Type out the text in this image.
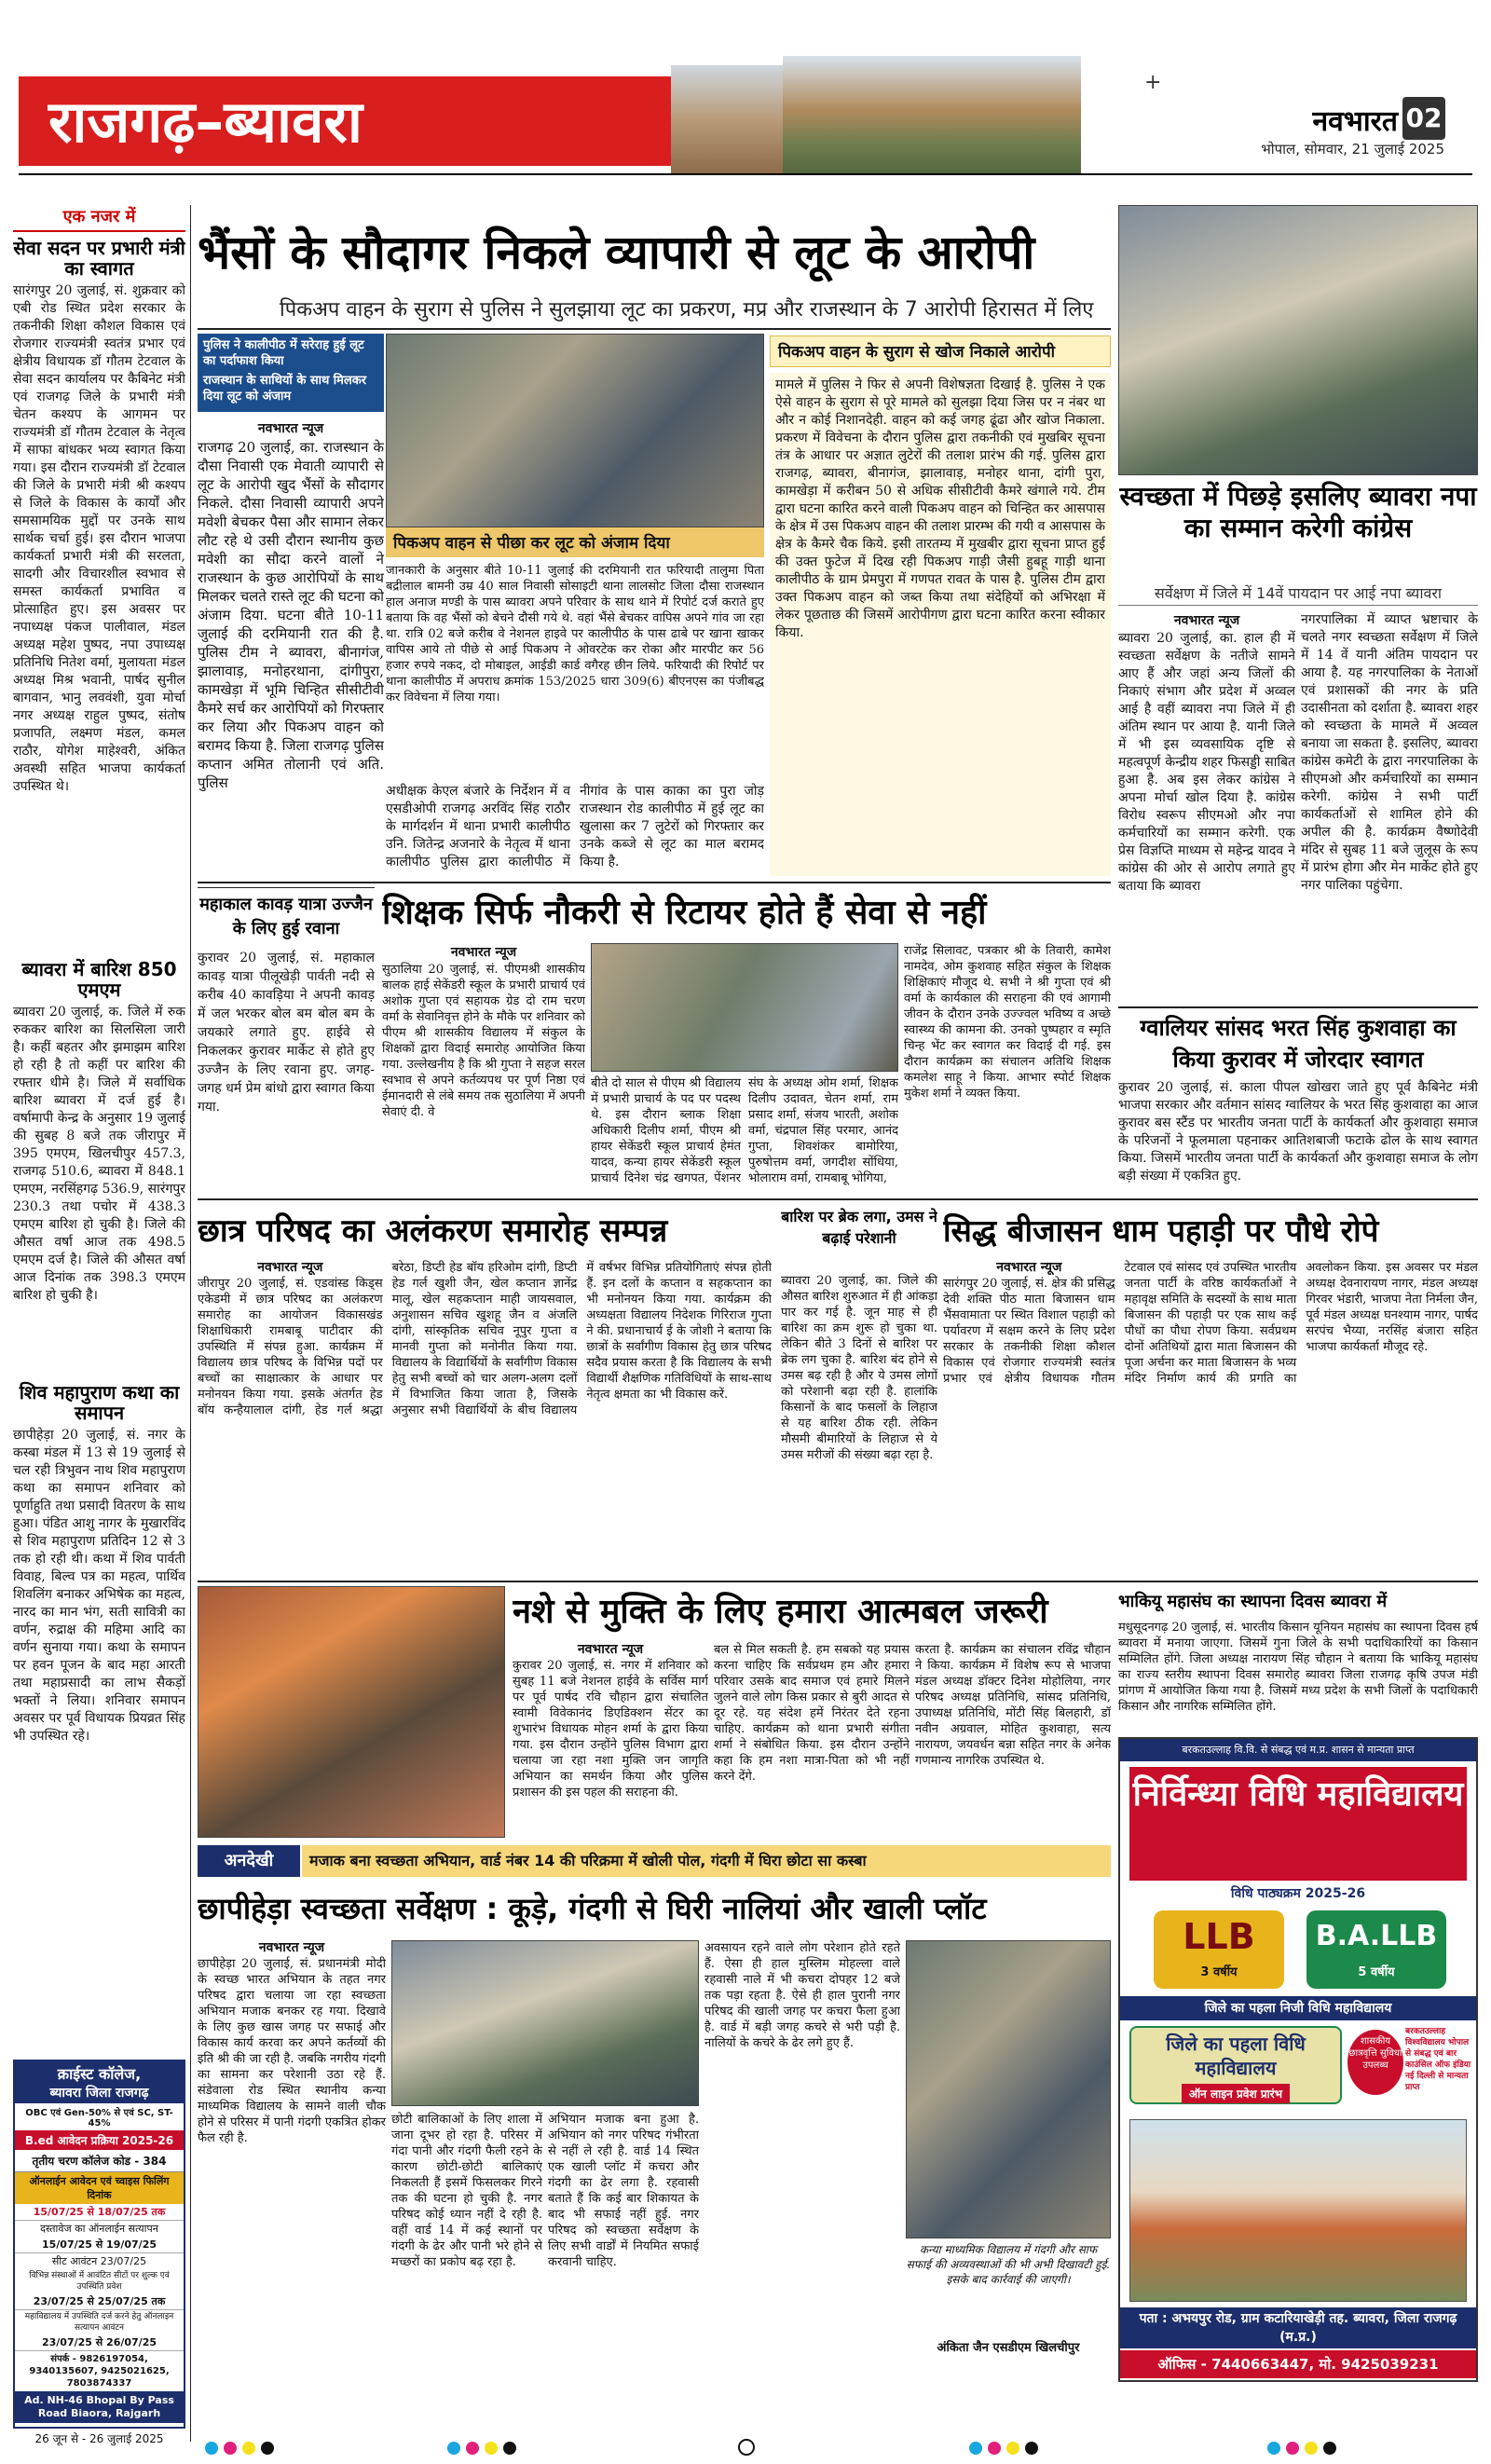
राजगढ़–ब्यावरा
+
नवभारत 02
भोपाल, सोमवार, 21 जुलाई 2025
एक नजर में
सेवा सदन पर प्रभारी मंत्री का स्वागत
सारंगपुर 20 जुलाई, सं. शुक्रवार को एबी रोड स्थित प्रदेश सरकार के तकनीकी शिक्षा कौशल विकास एवं रोजगार राज्यमंत्री स्वतंत्र प्रभार एवं क्षेत्रीय विधायक डॉ गौतम टेटवाल के सेवा सदन कार्यालय पर कैबिनेट मंत्री एवं राजगढ़ जिले के प्रभारी मंत्री चेतन कश्यप के आगमन पर राज्यमंत्री डॉ गौतम टेटवाल के नेतृत्व में साफा बांधकर भव्य स्वागत किया गया। इस दौरान राज्यमंत्री डॉ टेटवाल की जिले के प्रभारी मंत्री श्री कश्यप से जिले के विकास के कार्यों और समसामयिक मुद्दों पर उनके साथ सार्थक चर्चा हुई। इस दौरान भाजपा कार्यकर्ता प्रभारी मंत्री की सरलता, सादगी और विचारशील स्वभाव से समस्त कार्यकर्ता प्रभावित व प्रोत्साहित हुए। इस अवसर पर नपाध्यक्ष पंकज पालीवाल, मंडल अध्यक्ष महेश पुष्पद, नपा उपाध्यक्ष प्रतिनिधि नितेश वर्मा, मुलायता मंडल अध्यक्ष मिश्र भवानी, पार्षद सुनील बागवान, भानु लववंशी, युवा मोर्चा नगर अध्यक्ष राहुल पुष्पद, संतोष प्रजापति, लक्ष्मण मंडल, कमल राठौर, योगेश माहेश्वरी, अंकित अवस्थी सहित भाजपा कार्यकर्ता उपस्थित थे।
ब्यावरा में बारिश 850 एमएम
ब्यावरा 20 जुलाई, क. जिले में रुक रुककर बारिश का सिलसिला जारी है। कहीं बहतर और झमाझम बारिश हो रही है तो कहीं पर बारिश की रफ्तार धीमे है। जिले में सर्वाधिक बारिश ब्यावरा में दर्ज हुई है। वर्षामापी केन्द्र के अनुसार 19 जुलाई की सुबह 8 बजे तक जीरापुर में 395 एमएम, खिलचीपुर 457.3, राजगढ़ 510.6, ब्यावरा में 848.1 एमएम, नरसिंहगढ़ 536.9, सारंगपुर 230.3 तथा पचोर में 438.3 एमएम बारिश हो चुकी है। जिले की औसत वर्षा आज तक 498.5 एमएम दर्ज है। जिले की औसत वर्षा आज दिनांक तक 398.3 एमएम बारिश हो चुकी है।
शिव महापुराण कथा का समापन
छापीहेड़ा 20 जुलाई, सं. नगर के कस्बा मंडल में 13 से 19 जुलाई से चल रही त्रिभुवन नाथ शिव महापुराण कथा का समापन शनिवार को पूर्णाहुति तथा प्रसादी वितरण के साथ हुआ। पंडित आशु नागर के मुखारविंद से शिव महापुराण प्रतिदिन 12 से 3 तक हो रही थी। कथा में शिव पार्वती विवाह, बिल्व पत्र का महत्व, पार्थिव शिवलिंग बनाकर अभिषेक का महत्व, नारद का मान भंग, सती सावित्री का वर्णन, रुद्राक्ष की महिमा आदि का वर्णन सुनाया गया। कथा के समापन पर हवन पूजन के बाद महा आरती तथा महाप्रसादी का लाभ सैकड़ों भक्तों ने लिया। शनिवार समापन अवसर पर पूर्व विधायक प्रियव्रत सिंह भी उपस्थित रहे।
भैंसों के सौदागर निकले व्यापारी से लूट के आरोपी
पिकअप वाहन के सुराग से पुलिस ने सुलझाया लूट का प्रकरण, मप्र और राजस्थान के 7 आरोपी हिरासत में लिए
पुलिस ने कालीपीठ में सरेराह हुई लूट का पर्दाफाश किया
राजस्थान के साथियों के साथ मिलकर दिया लूट को अंजाम
पिकअप वाहन से पीछा कर लूट को अंजाम दिया
नवभारत न्यूज

राजगढ़ 20 जुलाई, का. राजस्थान के दौसा निवासी एक मेवाती व्यापारी से लूट के आरोपी खुद भैंसों के सौदागर निकले. दौसा निवासी व्यापारी अपने मवेशी बेचकर पैसा और सामान लेकर लौट रहे थे उसी दौरान स्थानीय कुछ मवेशी का सौदा करने वालों ने राजस्थान के कुछ आरोपियों के साथ मिलकर चलते रास्ते लूट की घटना को अंजाम दिया. घटना बीते 10-11 जुलाई की दरमियानी रात की है. पुलिस टीम ने ब्यावरा, बीनागंज, झालावाड़, मनोहरथाना, दांगीपुरा, कामखेड़ा में भूमि चिन्हित सीसीटीवी कैमरे सर्च कर आरोपियों को गिरफ्तार कर लिया और पिकअप वाहन को बरामद किया है. जिला राजगढ़ पुलिस कप्तान अमित तोलानी एवं अति. पुलिस

जानकारी के अनुसार बीते 10-11 जुलाई की दरमियानी रात फरियादी तालुमा पिता बद्रीलाल बामनी उम्र 40 साल निवासी सोसाइटी थाना लालसोट जिला दौसा राजस्थान हाल अनाज मण्डी के पास ब्यावरा अपने परिवार के साथ थाने में रिपोर्ट दर्ज कराते हुए बताया कि वह भैंसों को बेचने दौसी गये थे. वहां भैंसे बेचकर वापिस अपने गांव जा रहा था. रात्रि 02 बजे करीब वे नेशनल हाइवे पर कालीपीठ के पास ढाबे पर खाना खाकर वापिस आये तो पीछे से आई पिकअप ने ओवरटेक कर रोका और मारपीट कर 56 हजार रुपये नकद, दो मोबाइल, आईडी कार्ड वगैरह छीन लिये. फरियादी की रिपोर्ट पर थाना कालीपीठ में अपराध क्रमांक 153/2025 धारा 309(6) बीएनएस का पंजीबद्ध कर विवेचना में लिया गया।
अधीक्षक केएल बंजारे के निर्देशन में व एसडीओपी राजगढ़ अरविंद सिंह राठौर के मार्गदर्शन में थाना प्रभारी कालीपीठ उनि. जितेन्द्र अजनारे के नेतृत्व में थाना कालीपीठ पुलिस द्वारा कालीपीठ में नीगांव के पास काका का पुरा जोड़ राजस्थान रोड कालीपीठ में हुई लूट का खुलासा कर 7 लुटेरों को गिरफ्तार कर उनके कब्जे से लूट का माल बरामद किया है.
पिकअप वाहन के सुराग से खोज निकाले आरोपी
मामले में पुलिस ने फिर से अपनी विशेषज्ञता दिखाई है. पुलिस ने एक ऐसे वाहन के सुराग से पूरे मामले को सुलझा दिया जिस पर न नंबर था और न कोई निशानदेही. वाहन को कई जगह ढूंढा और खोज निकाला. प्रकरण में विवेचना के दौरान पुलिस द्वारा तकनीकी एवं मुखबिर सूचना तंत्र के आधार पर अज्ञात लुटेरों की तलाश प्रारंभ की गई. पुलिस द्वारा राजगढ़, ब्यावरा, बीनागंज, झालावाड़, मनोहर थाना, दांगी पुरा, कामखेड़ा में करीबन 50 से अधिक सीसीटीवी कैमरे खंगाले गये. टीम द्वारा घटना कारित करने वाली पिकअप वाहन को चिन्हित कर आसपास के क्षेत्र में उस पिकअप वाहन की तलाश प्रारम्भ की गयी व आसपास के क्षेत्र के कैमरे चैक किये. इसी तारतम्य में मुखबीर द्वारा सूचना प्राप्त हुई की उक्त फुटेज में दिख रही पिकअप गाड़ी जैसी हुबहू गाड़ी थाना कालीपीठ के ग्राम प्रेमपुरा में गणपत रावत के पास है. पुलिस टीम द्वारा उक्त पिकअप वाहन को जब्त किया तथा संदेहियों को अभिरक्षा में लेकर पूछताछ की जिसमें आरोपीगण द्वारा घटना कारित करना स्वीकार किया.
स्वच्छता में पिछड़े इसलिए ब्यावरा नपा का सम्मान करेगी कांग्रेस
सर्वेक्षण में जिले में 14वें पायदान पर आई नपा ब्यावरा
नवभारत न्यूज

ब्यावरा 20 जुलाई, का. हाल ही में स्वच्छता सर्वेक्षण के नतीजे सामने आए हैं और जहां अन्य जिलों की निकाएं संभाग और प्रदेश में अव्वल आई है वहीं ब्यावरा नपा जिले में ही अंतिम स्थान पर आया है. यानी जिले में भी इस व्यवसायिक दृष्टि से महत्वपूर्ण केन्द्रीय शहर फिसड्डी साबित हुआ है. अब इस लेकर कांग्रेस ने अपना मोर्चा खोल दिया है. कांग्रेस विरोध स्वरूप सीएमओ और नपा कर्मचारियों का सम्मान करेगी. एक प्रेस विज्ञप्ति माध्यम से महेन्द्र यादव ने कांग्रेस की ओर से आरोप लगाते हुए बताया कि ब्यावरा

नगरपालिका में व्याप्त भ्रष्टाचार के चलते नगर स्वच्छता सर्वेक्षण में जिले में 14 वें यानी अंतिम पायदान पर आया है. यह नगरपालिका के नेताओं एवं प्रशासकों की नगर के प्रति उदासीनता को दर्शाता है. ब्यावरा शहर को स्वच्छता के मामले में अव्वल बनाया जा सकता है. इसलिए, ब्यावरा कांग्रेस कमेटी के द्वारा नगरपालिका के सीएमओ और कर्मचारियों का सम्मान करेगी. कांग्रेस ने सभी पार्टी कार्यकर्ताओं से शामिल होने की अपील की है. कार्यक्रम वैष्णोदेवी मंदिर से सुबह 11 बजे जुलूस के रूप में प्रारंभ होगा और मेन मार्केट होते हुए नगर पालिका पहुंचेगा.
ग्वालियर सांसद भरत सिंह कुशवाहा का किया कुरावर में जोरदार स्वागत
कुरावर 20 जुलाई, सं. काला पीपल खोखरा जाते हुए पूर्व कैबिनेट मंत्री भाजपा सरकार और वर्तमान सांसद ग्वालियर के भरत सिंह कुशवाहा का आज कुरावर बस स्टैंड पर भारतीय जनता पार्टी के कार्यकर्ता और कुशवाहा समाज के परिजनों ने फूलमाला पहनाकर आतिशबाजी फटाके ढोल के साथ स्वागत किया. जिसमें भारतीय जनता पार्टी के कार्यकर्ता और कुशवाहा समाज के लोग बड़ी संख्या में एकत्रित हुए.
महाकाल कावड़ यात्रा उज्जैन के लिए हुई रवाना
कुरावर 20 जुलाई, सं. महाकाल कावड़ यात्रा पीलूखेड़ी पार्वती नदी से करीब 40 कावड़िया ने अपनी कावड़ में जल भरकर बोल बम बोल बम के जयकारे लगाते हुए. हाईवे से निकलकर कुरावर मार्केट से होते हुए उज्जैन के लिए रवाना हुए. जगह-जगह धर्म प्रेम बांधो द्वारा स्वागत किया गया.
शिक्षक सिर्फ नौकरी से रिटायर होते हैं सेवा से नहीं
नवभारत न्यूज

सुठालिया 20 जुलाई, सं. पीएमश्री शासकीय बालक हाई सेकेंडरी स्कूल के प्रभारी प्राचार्य एवं अशोक गुप्ता एवं सहायक ग्रेड दो राम चरण वर्मा के सेवानिवृत्त होने के मौके पर शनिवार को पीएम श्री शासकीय विद्यालय में संकुल के शिक्षकों द्वारा विदाई समारोह आयोजित किया गया. उल्लेखनीय है कि श्री गुप्ता ने सहज सरल स्वभाव से अपने कर्तव्यपथ पर पूर्ण निष्ठा एवं ईमानदारी से लंबे समय तक सुठालिया में अपनी सेवाएं दी. वे

बीते दो साल से पीएम श्री विद्यालय में प्रभारी प्राचार्य के पद पर पदस्थ थे. इस दौरान ब्लाक शिक्षा अधिकारी दिलीप शर्मा, पीएम श्री हायर सेकेंडरी स्कूल प्राचार्य हेमंत यादव, कन्या हायर सेकेंडरी स्कूल प्राचार्य दिनेश चंद्र खगपत, पेंशनर संघ के अध्यक्ष ओम शर्मा, शिक्षक दिलीप उदावत, चेतन शर्मा, राम प्रसाद शर्मा, संजय भारती, अशोक वर्मा, चंद्रपाल सिंह परमार, आनंद गुप्ता, शिवशंकर बामोरिया, पुरुषोत्तम वर्मा, जगदीश सोंधिया, भोलाराम वर्मा, रामबाबू भोगिया,
राजेंद्र सिलावट, पत्रकार श्री के तिवारी, कामेश नामदेव, ओम कुशवाह सहित संकुल के शिक्षक शिक्षिकाएं मौजूद थे. सभी ने श्री गुप्ता एवं श्री वर्मा के कार्यकाल की सराहना की एवं आगामी जीवन के दौरान उनके उज्ज्वल भविष्य व अच्छे स्वास्थ्य की कामना की. उनको पुष्पहार व स्मृति चिन्ह भेंट कर स्वागत कर विदाई दी गई. इस दौरान कार्यक्रम का संचालन अतिथि शिक्षक कमलेश साहू ने किया. आभार स्पोर्ट शिक्षक मुकेश शर्मा ने व्यक्त किया.
छात्र परिषद का अलंकरण समारोह सम्पन्न
नवभारत न्यूज
जीरापुर 20 जुलाई, सं. एडवांस्ड किड्स एकेडमी में छात्र परिषद का अलंकरण समारोह का आयोजन विकासखंड शिक्षाधिकारी रामबाबू पाटीदार की उपस्थिति में संपन्न हुआ. कार्यक्रम में विद्यालय छात्र परिषद के विभिन्न पदों पर बच्चों का साक्षात्कार के आधार पर मनोनयन किया गया. इसके अंतर्गत हेड बॉय कन्हैयालाल दांगी, हेड गर्ल श्रद्धा बरेठा, डिप्टी हेड बॉय हरिओम दांगी, डिप्टी हेड गर्ल खुशी जैन, खेल कप्तान ज्ञानेंद्र मालू, खेल सहकप्तान माही जायसवाल, अनुशासन सचिव खुशहू जैन व अंजलि दांगी, सांस्कृतिक सचिव नूपुर गुप्ता व मानवी गुप्ता को मनोनीत किया गया. विद्यालय के विद्यार्थियों के सर्वांगीण विकास हेतु सभी बच्चों को चार अलग-अलग दलों में विभाजित किया जाता है, जिसके अनुसार सभी विद्यार्थियों के बीच विद्यालय में वर्षभर विभिन्न प्रतियोगिताएं संपन्न होती हैं. इन दलों के कप्तान व सहकप्तान का भी मनोनयन किया गया. कार्यक्रम की अध्यक्षता विद्यालय निदेशक गिरिराज गुप्ता ने की. प्रधानाचार्य ई के जोशी ने बताया कि छात्रों के सर्वांगीण विकास हेतु छात्र परिषद सदैव प्रयास करता है कि विद्यालय के सभी विद्यार्थी शैक्षणिक गतिविधियों के साथ-साथ नेतृत्व क्षमता का भी विकास करें.
बारिश पर ब्रेक लगा, उमस ने बढ़ाई परेशानी
ब्यावरा 20 जुलाई, का. जिले की औसत बारिश शुरुआत में ही आंकड़ा पार कर गई है. जून माह से ही बारिश का क्रम शुरू हो चुका था. लेकिन बीते 3 दिनों से बारिश पर ब्रेक लग चुका है. बारिश बंद होने से उमस बढ़ रही है और ये उमस लोगों को परेशानी बढ़ा रही है. हालांकि किसानों के बाद फसलों के लिहाज से यह बारिश ठीक रही. लेकिन मौसमी बीमारियों के लिहाज से ये उमस मरीजों की संख्या बढ़ा रहा है.
सिद्ध बीजासन धाम पहाड़ी पर पौधे रोपे
नवभारत न्यूज
सारंगपुर 20 जुलाई, सं. क्षेत्र की प्रसिद्ध देवी शक्ति पीठ माता बिजासन धाम भैंसवामाता पर स्थित विशाल पहाड़ी को पर्यावरण में सक्षम करने के लिए प्रदेश सरकार के तकनीकी शिक्षा कौशल विकास एवं रोजगार राज्यमंत्री स्वतंत्र प्रभार एवं क्षेत्रीय विधायक गौतम टेटवाल एवं सांसद एवं उपस्थित भारतीय जनता पार्टी के वरिष्ठ कार्यकर्ताओं ने महावृक्ष समिति के सदस्यों के साथ माता बिजासन की पहाड़ी पर एक साथ कई पौधों का पौधा रोपण किया. सर्वप्रथम दोनों अतिथियों द्वारा माता बिजासन की पूजा अर्चना कर माता बिजासन के भव्य मंदिर निर्माण कार्य की प्रगति का अवलोकन किया. इस अवसर पर मंडल अध्यक्ष देवनारायण नागर, मंडल अध्यक्ष गिरवर भंडारी, भाजपा नेता निर्मला जैन, पूर्व मंडल अध्यक्ष घनश्याम नागर, पार्षद सरपंच भैय्या, नरसिंह बंजारा सहित भाजपा कार्यकर्ता मौजूद रहे.
नशे से मुक्ति के लिए हमारा आत्मबल जरूरी
नवभारत न्यूज

कुरावर 20 जुलाई, सं. नगर में शनिवार को सुबह 11 बजे नेशनल हाईवे के सर्विस मार्ग पर पूर्व पार्षद रवि चौहान द्वारा संचालित स्वामी विवेकानंद डिएडिक्शन सेंटर का शुभारंभ विधायक मोहन शर्मा के द्वारा किया गया. इस दौरान उन्होंने पुलिस विभाग द्वारा चलाया जा रहा नशा मुक्ति जन जागृति अभियान का समर्थन किया और पुलिस प्रशासन की इस पहल की सराहना की.

बल से मिल सकती है. हम सबको यह प्रयास करना चाहिए कि सर्वप्रथम हम और हमारा परिवार उसके बाद समाज एवं हमारे मिलने जुलने वाले लोग किस प्रकार से बुरी आदत से दूर रहे. यह संदेश हमें निरंतर देते रहना चाहिए. कार्यक्रम को थाना प्रभारी संगीता शर्मा ने संबोधित किया. इस दौरान उन्होंने कहा कि हम नशा मात्रा-पिता को भी नहीं करने देंगे.
करता है. कार्यक्रम का संचालन रविंद्र चौहान ने किया. कार्यक्रम में विशेष रूप से भाजपा मंडल अध्यक्ष डॉक्टर दिनेश मोहोलिया, नगर परिषद अध्यक्ष प्रतिनिधि, सांसद प्रतिनिधि, उपाध्यक्ष प्रतिनिधि, मोंटी सिंह बिलहारी, डॉ नवीन अग्रवाल, मोहित कुशवाहा, सत्य नारायण, जयवर्धन बन्ना सहित नगर के अनेक गणमान्य नागरिक उपस्थित थे.
भाकियू महासंघ का स्थापना दिवस ब्यावरा में
मधुसूदनगढ़ 20 जुलाई, सं. भारतीय किसान यूनियन महासंघ का स्थापना दिवस हर्ष ब्यावरा में मनाया जाएगा. जिसमें गुना जिले के सभी पदाधिकारियों का किसान सम्मिलित होंगे. जिला अध्यक्ष नारायण सिंह चौहान ने बताया कि भाकियू महासंघ का राज्य स्तरीय स्थापना दिवस समारोह ब्यावरा जिला राजगढ़ कृषि उपज मंडी प्रांगण में आयोजित किया गया है. जिसमें मध्य प्रदेश के सभी जिलों के पदाधिकारी किसान और नागरिक सम्मिलित होंगे.
बरकतउल्लाह वि.वि. से संबद्ध एवं म.प्र. शासन से मान्यता प्राप्त
निर्विन्ध्या विधि महाविद्यालय
विधि पाठ्यक्रम 2025-26
LLB
3 वर्षीय
B.A.LLB
5 वर्षीय
जिले का पहला निजी विधि महाविद्यालय
जिले का पहला विधि महाविद्यालय
ऑन लाइन प्रवेश प्रारंभ
शासकीय छात्रवृत्ति सुविधा उपलब्ध
बरकतउल्लाह विश्वविद्यालय भोपाल से संबद्ध एवं बार काउंसिल ऑफ इंडिया नई दिल्ली से मान्यता प्राप्त
पता : अभयपुर रोड, ग्राम कटारियाखेड़ी तह. ब्यावरा, जिला राजगढ़ (म.प्र.)
ऑफिस - 7440663447, मो. 9425039231
अनदेखी	मजाक बना स्वच्छता अभियान, वार्ड नंबर 14 की परिक्रमा में खोली पोल, गंदगी में घिरा छोटा सा कस्बा
छापीहेड़ा स्वच्छता सर्वेक्षण : कूड़े, गंदगी से घिरी नालियां और खाली प्लॉट
नवभारत न्यूज

छापीहेड़ा 20 जुलाई, सं. प्रधानमंत्री मोदी के स्वच्छ भारत अभियान के तहत नगर परिषद द्वारा चलाया जा रहा स्वच्छता अभियान मजाक बनकर रह गया. दिखावे के लिए कुछ खास जगह पर सफाई और विकास कार्य करवा कर अपने कर्तव्यों की इति श्री की जा रही है. जबकि नगरीय गंदगी का सामना कर परेशानी उठा रहे हैं. संडेवाला रोड स्थित स्थानीय कन्या माध्यमिक विद्यालय के सामने वाली चौक होने से परिसर में पानी गंदगी एकत्रित होकर फैल रही है.

छोटी बालिकाओं के लिए शाला में जाना दूभर हो रहा है. परिसर में गंदा पानी और गंदगी फैली रहने के कारण छोटी-छोटी बालिकाएं निकलती हैं इसमें फिसलकर गिरने तक की घटना हो चुकी है. नगर परिषद कोई ध्यान नहीं दे रही है. वहीं वार्ड 14 में कई स्थानों पर गंदगी के ढेर और पानी भरे होने से मच्छरों का प्रकोप बढ़ रहा है.
अभियान मजाक बना हुआ है. अभियान को नगर परिषद गंभीरता से नहीं ले रही है. वार्ड 14 स्थित एक खाली प्लॉट में कचरा और गंदगी का ढेर लगा है. रहवासी बताते हैं कि कई बार शिकायत के बाद भी सफाई नहीं हुई. नगर परिषद को स्वच्छता सर्वेक्षण के लिए सभी वार्डों में नियमित सफाई करवानी चाहिए.
अवसायन रहने वाले लोग परेशान होते रहते हैं. ऐसा ही हाल मुस्लिम मोहल्ला वाले रहवासी नाले में भी कचरा दोपहर 12 बजे तक पड़ा रहता है. ऐसे ही हाल पुरानी नगर परिषद की खाली जगह पर कचरा फैला हुआ है. वार्ड में बड़ी जगह कचरे से भरी पड़ी है. नालियों के कचरे के ढेर लगे हुए हैं.
कन्या माध्यमिक विद्यालय में गंदगी और साफ सफाई की अव्यवस्थाओं की भी अभी दिखावटी हुई. इसके बाद कार्रवाई की जाएगी।
अंकिता जैन एसडीएम खिलचीपुर
क्राईस्ट कॉलेज,
ब्यावरा जिला राजगढ़
OBC एवं Gen-50% से एवं SC, ST-45%
B.ed आवेदन प्रक्रिया 2025-26
तृतीय चरण कॉलेज कोड - 384
ऑनलाईन आवेदन एवं च्वाइस फिलिंग दिनांक
15/07/25 से 18/07/25 तक
दस्तावेज का ऑनलाईन सत्यापन
15/07/25 से 19/07/25
सीट आवंटन 23/07/25
विभिन्न संस्थाओं में आवंटित सीटों पर शुल्क एवं उपस्थिति प्रवेश
23/07/25 से 25/07/25 तक
महाविद्यालय में उपस्थिति दर्ज करने हेतु ऑनलाइन सत्यापन आवंटन
23/07/25 से 26/07/25
संपर्क - 9826197054, 9340135607, 9425021625, 7803874337
Ad. NH-46 Bhopal By Pass Road Biaora, Rajgarh
26 जून से - 26 जुलाई 2025
